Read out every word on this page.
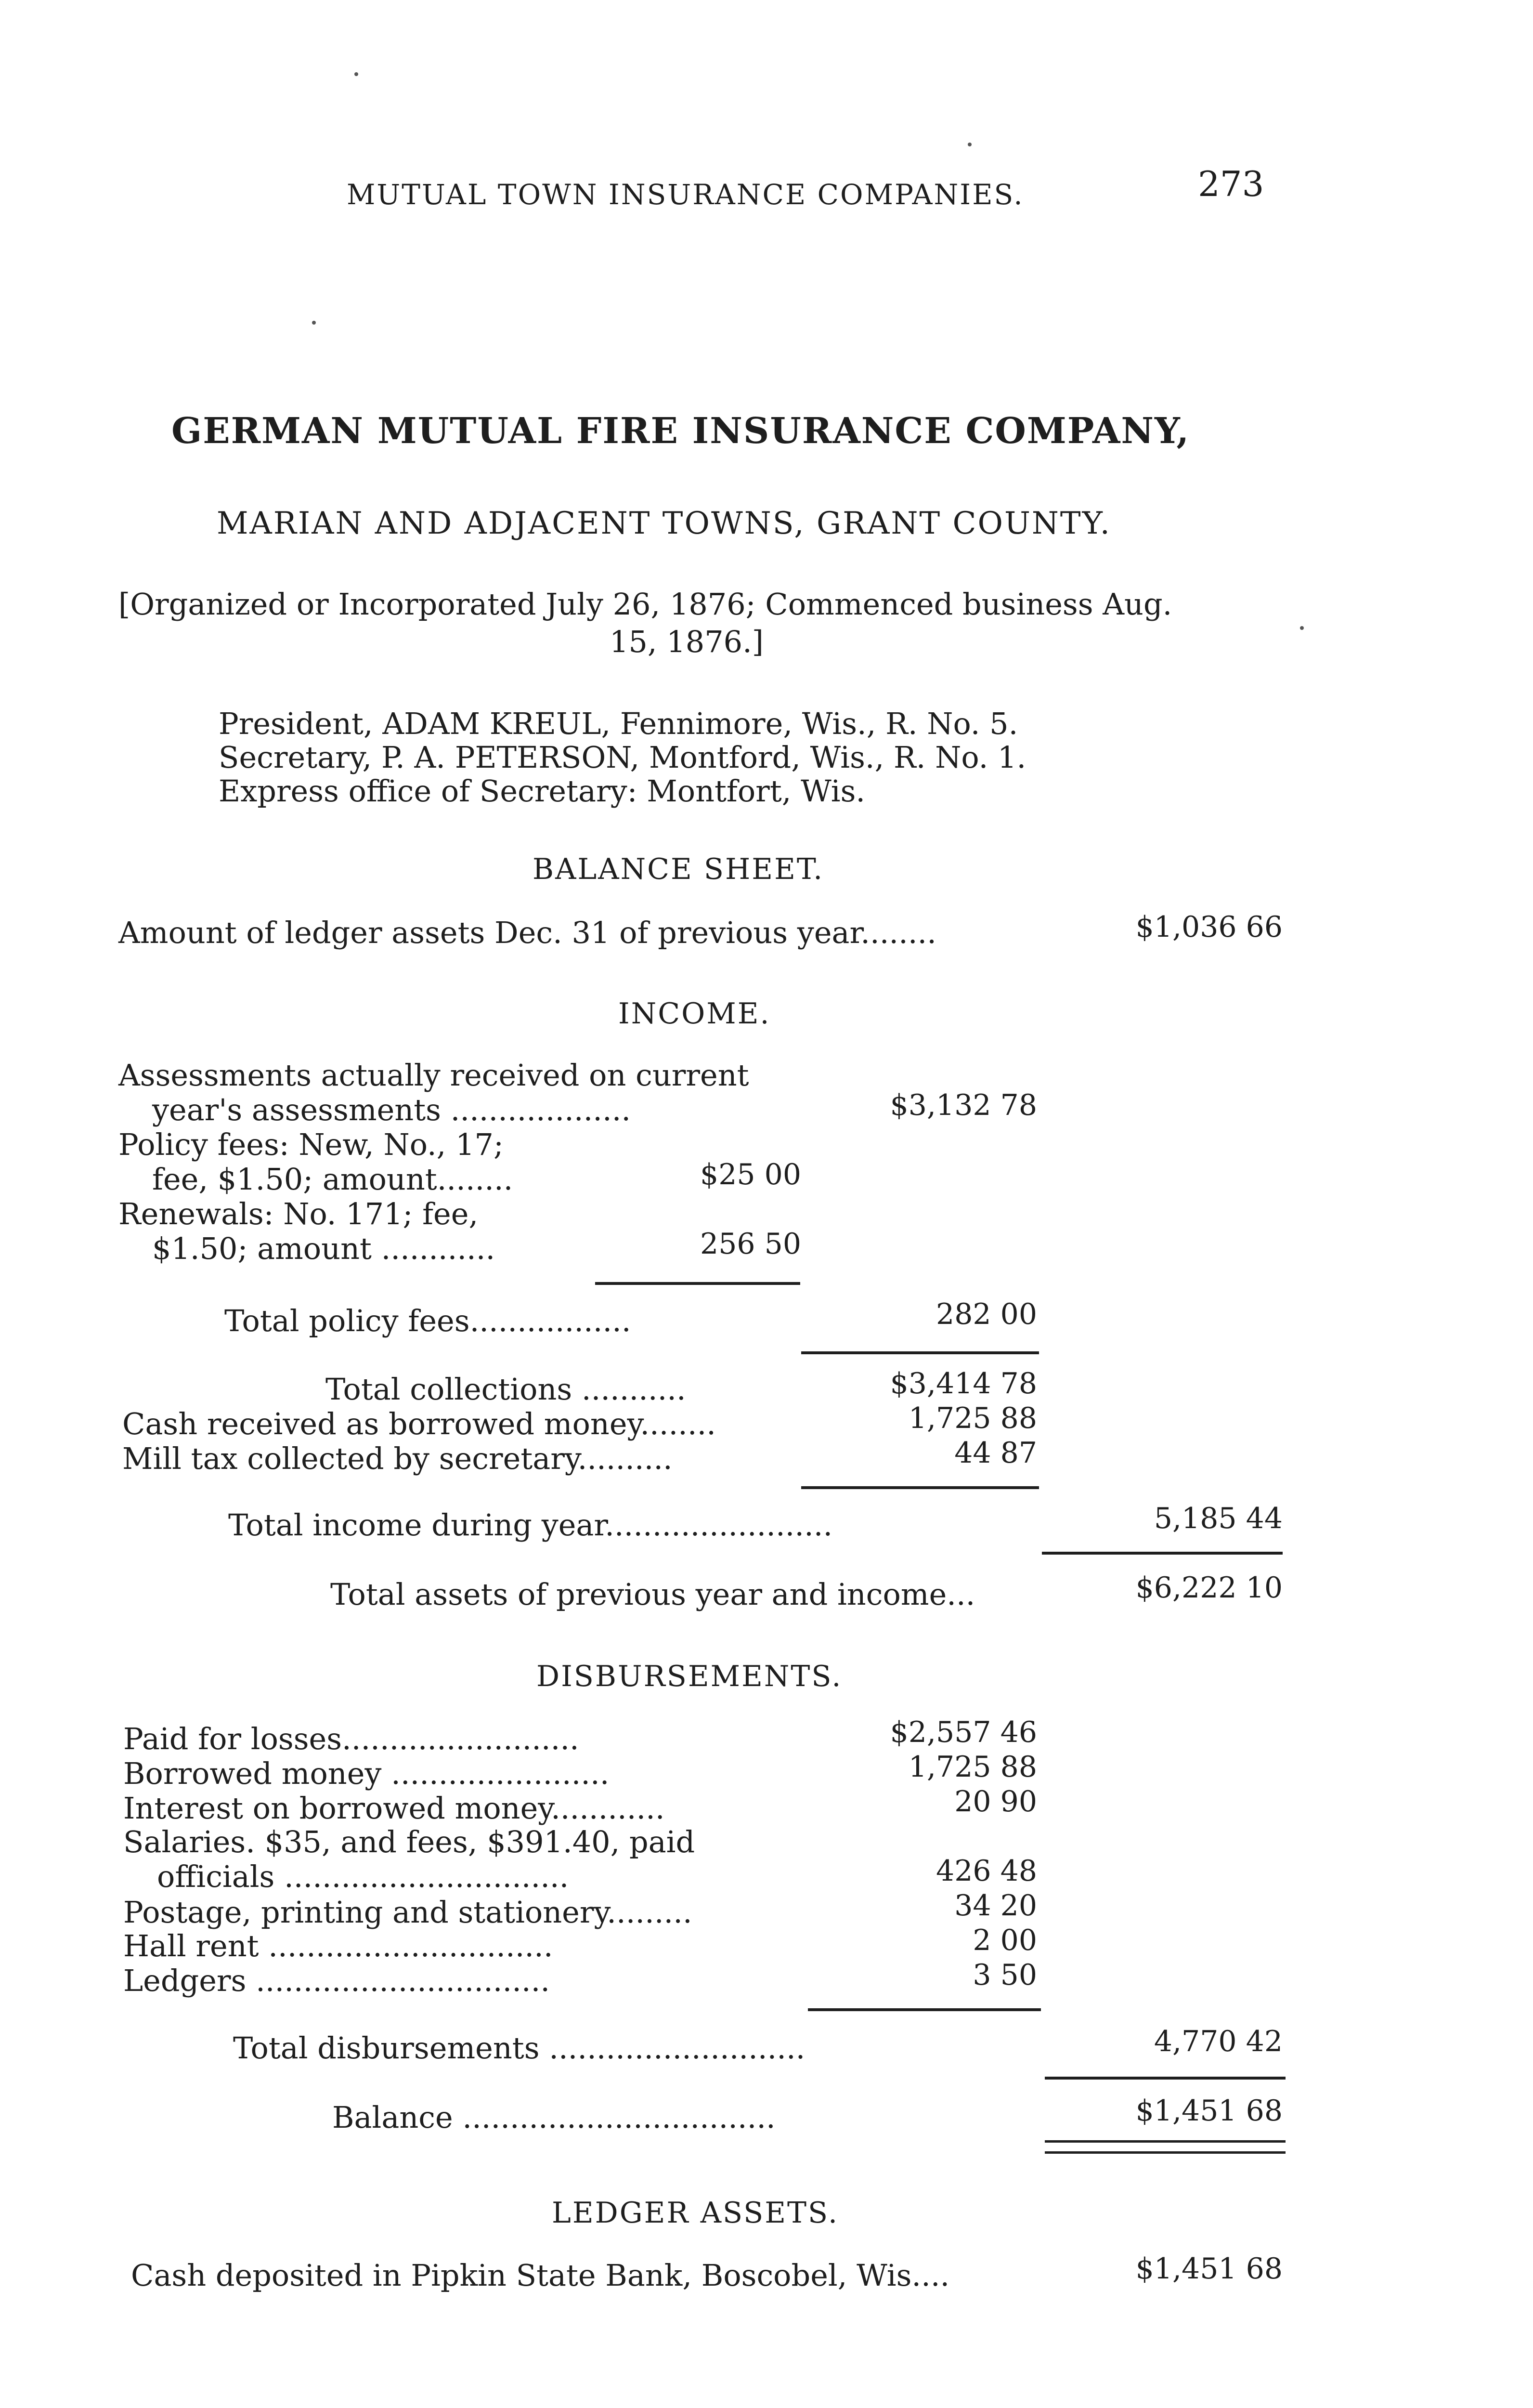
MUTUAL TOWN INSURANCE COMPANIES.	273
GERMAN MUTUAL FIRE INSURANCE COMPANY,
MARIAN AND ADJACENT TOWNS, GRANT COUNTY.
[Organized or Incorporated July 26, 1876; Commenced business Aug.
15, 1876.]
President, ADAM KREUL, Fennimore, Wis., R. No. 5.
Secretary, P. A. PETERSON, Montford, Wis., R. No. 1.
Express office of Secretary: Montfort, Wis.
BALANCE SHEET.
Amount of ledger assets Dec. 31 of previous year........	$1,036 66
INCOME.
Assessments actually received on current
year's assessments ...................	$3,132 78
Policy fees: New, No., 17;
fee, $1.50; amount........	$25 00
Renewals: No. 171; fee,
$1.50; amount ............	256 50
Total policy fees.................	282 00
Total collections ...........	$3,414 78
Cash received as borrowed money........	1,725 88
Mill tax collected by secretary..........	44 87
Total income during year........................	5,185 44
Total assets of previous year and income...	$6,222 10
DISBURSEMENTS.
Paid for losses.........................	$2,557 46
Borrowed money .......................	1,725 88
Interest on borrowed money............	20 90
Salaries. $35, and fees, $391.40, paid
officials ..............................	426 48
Postage, printing and stationery.........	34 20
Hall rent ..............................	2 00
Ledgers ...............................	3 50
Total disbursements ...........................	4,770 42
Balance .................................	$1,451 68
LEDGER ASSETS.
Cash deposited in Pipkin State Bank, Boscobel, Wis....	$1,451 68
